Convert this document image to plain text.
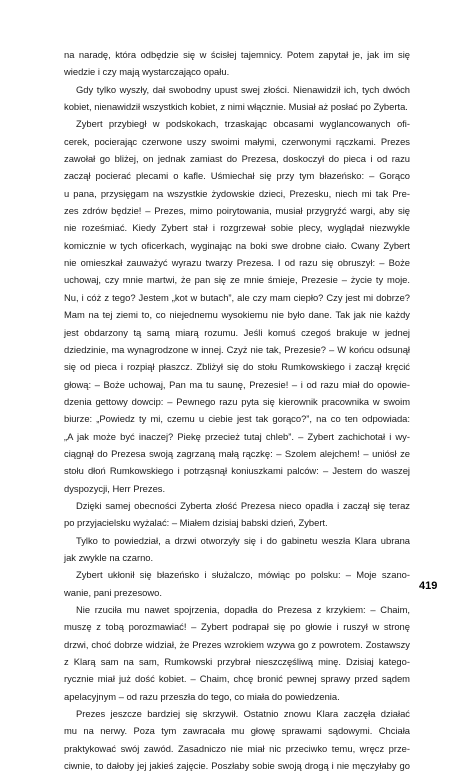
na naradę, która odbędzie się w ścisłej tajemnicy. Potem zapytał je, jak im się
wiedzie i czy mają wystarczająco opału.
Gdy tylko wyszły, dał swobodny upust swej złości. Nienawidził ich, tych dwóch
kobiet, nienawidził wszystkich kobiet, z nimi włącznie. Musiał aż posłać po Zyberta.
Zybert przybiegł w podskokach, trzaskając obcasami wyglancowanych ofi-
cerek, pocierając czerwone uszy swoimi małymi, czerwonymi rączkami. Prezes
zawołał go bliżej, on jednak zamiast do Prezesa, doskoczył do pieca i od razu
zaczął pocierać plecami o kafle. Uśmiechał się przy tym błazeńsko: – Gorąco
u pana, przysięgam na wszystkie żydowskie dzieci, Prezesku, niech mi tak Pre-
zes zdrów będzie! – Prezes, mimo poirytowania, musiał przygryźć wargi, aby się
nie roześmiać. Kiedy Zybert stał i rozgrzewał sobie plecy, wyglądał niezwykle
komicznie w tych oficerkach, wyginając na boki swe drobne ciało. Cwany Zybert
nie omieszkał zauważyć wyrazu twarzy Prezesa. I od razu się obruszył: – Boże
uchowaj, czy mnie martwi, że pan się ze mnie śmieje, Prezesie – życie ty moje.
Nu, i cóż z tego? Jestem „kot w butach”, ale czy mam ciepło? Czy jest mi dobrze?
Mam na tej ziemi to, co niejednemu wysokiemu nie było dane. Tak jak nie każdy
jest obdarzony tą samą miarą rozumu. Jeśli komuś czegoś brakuje w jednej
dziedzinie, ma wynagrodzone w innej. Czyż nie tak, Prezesie? – W końcu odsunął
się od pieca i rozpiął płaszcz. Zbliżył się do stołu Rumkowskiego i zaczął kręcić
głową: – Boże uchowaj, Pan ma tu saunę, Prezesie! – i od razu miał do opowie-
dzenia gettowy dowcip: – Pewnego razu pyta się kierownik pracownika w swoim
biurze: „Powiedz ty mi, czemu u ciebie jest tak gorąco?”, na co ten odpowiada:
„A jak może być inaczej? Piekę przecież tutaj chleb”. – Zybert zachichotał i wy-
ciągnął do Prezesa swoją zagrzaną małą rączkę: – Szolem alejchem! – uniósł ze
stołu dłoń Rumkowskiego i potrząsnął koniuszkami palców: – Jestem do waszej
dyspozycji, Herr Prezes.
Dzięki samej obecności Zyberta złość Prezesa nieco opadła i zaczął się teraz
po przyjacielsku wyżalać: – Miałem dzisiaj babski dzień, Zybert.
Tylko to powiedział, a drzwi otworzyły się i do gabinetu weszła Klara ubrana
jak zwykle na czarno.
Zybert ukłonił się błazeńsko i służalczo, mówiąc po polsku: – Moje szano-
wanie, pani prezesowo.
Nie rzuciła mu nawet spojrzenia, dopadła do Prezesa z krzykiem: – Chaim,
muszę z tobą porozmawiać! – Zybert podrapał się po głowie i ruszył w stronę
drzwi, choć dobrze widział, że Prezes wzrokiem wzywa go z powrotem. Zostawszy
z Klarą sam na sam, Rumkowski przybrał nieszczęśliwą minę. Dzisiaj katego-
rycznie miał już dość kobiet. – Chaim, chcę bronić pewnej sprawy przed sądem
apelacyjnym – od razu przeszła do tego, co miała do powiedzenia.
Prezes jeszcze bardziej się skrzywił. Ostatnio znowu Klara zaczęła działać
mu na nerwy. Poza tym zawracała mu głowę sprawami sądowymi. Chciała
praktykować swój zawód. Zasadniczo nie miał nic przeciwko temu, wręcz prze-
ciwnie, to dałoby jej jakieś zajęcie. Poszłaby sobie swoją drogą i nie męczyłaby go
419
